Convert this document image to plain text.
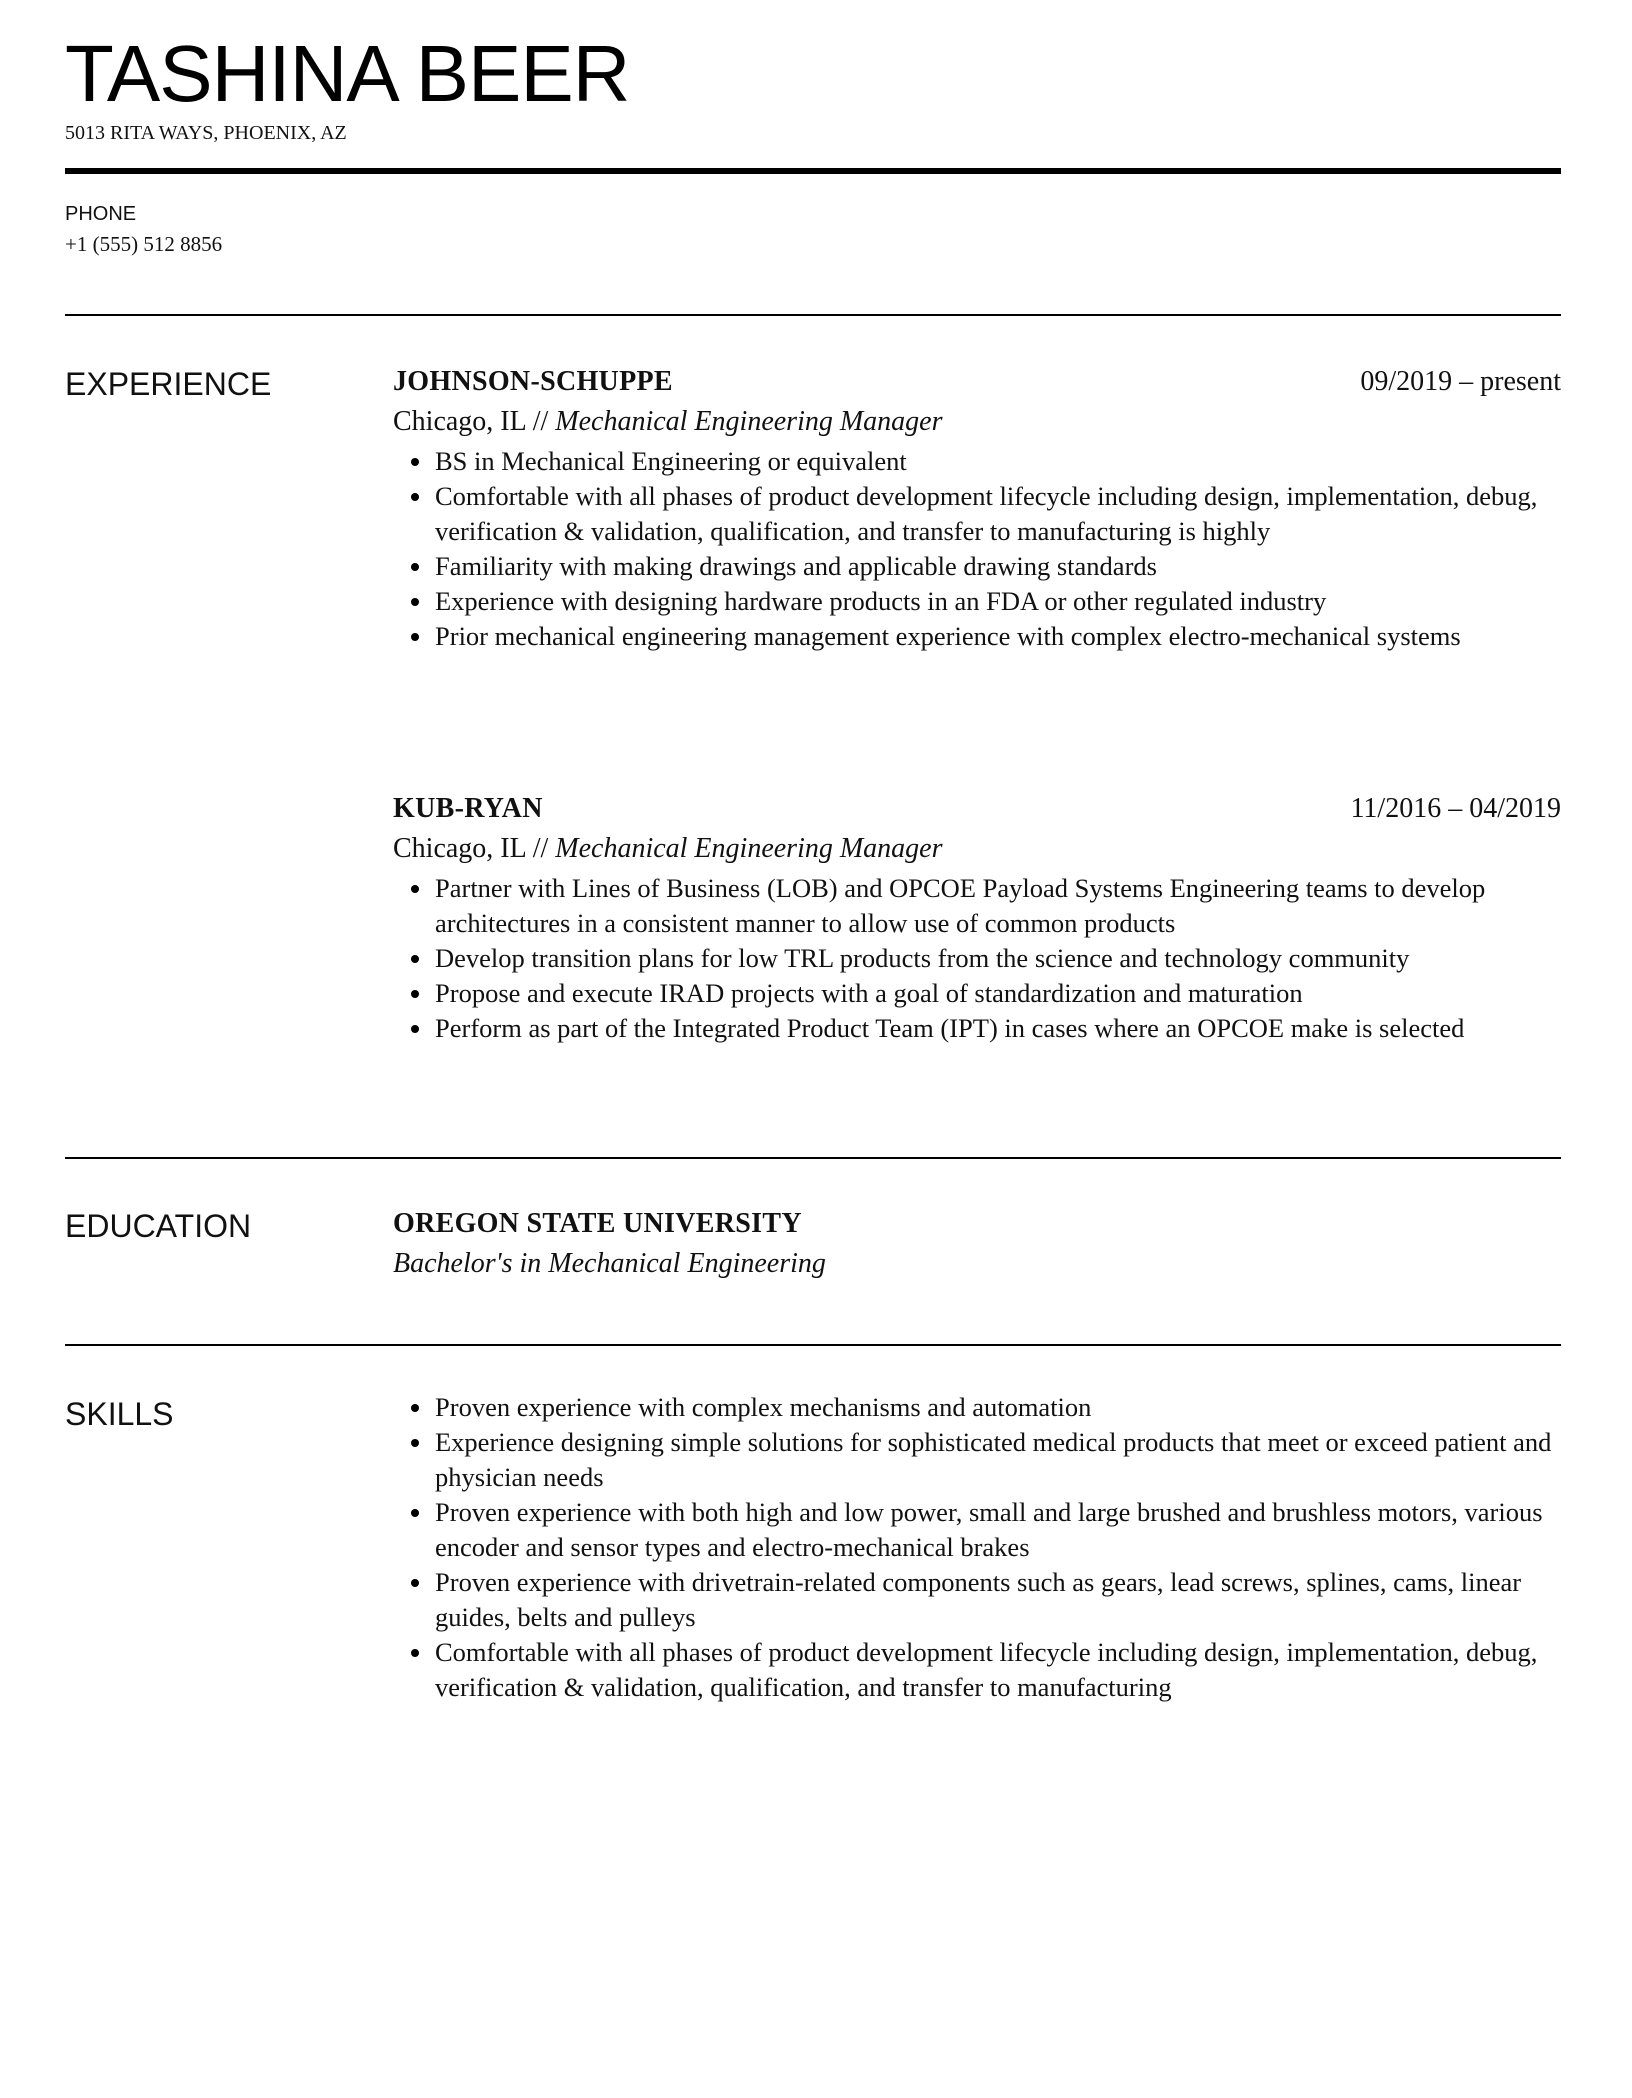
TASHINA BEER
5013 RITA WAYS, PHOENIX, AZ
PHONE
+1 (555) 512 8856
EXPERIENCE	JOHNSON-SCHUPPE	09/2019 – present
Chicago, IL // Mechanical Engineering Manager
BS in Mechanical Engineering or equivalent
Comfortable with all phases of product development lifecycle including design, implementation, debug, verification & validation, qualification, and transfer to manufacturing is highly
Familiarity with making drawings and applicable drawing standards
Experience with designing hardware products in an FDA or other regulated industry
Prior mechanical engineering management experience with complex electro-mechanical systems
KUB-RYAN	11/2016 – 04/2019
Chicago, IL // Mechanical Engineering Manager
Partner with Lines of Business (LOB) and OPCOE Payload Systems Engineering teams to develop architectures in a consistent manner to allow use of common products
Develop transition plans for low TRL products from the science and technology community
Propose and execute IRAD projects with a goal of standardization and maturation
Perform as part of the Integrated Product Team (IPT) in cases where an OPCOE make is selected
EDUCATION	OREGON STATE UNIVERSITY
Bachelor's in Mechanical Engineering
SKILLS	Proven experience with complex mechanisms and automation
Experience designing simple solutions for sophisticated medical products that meet or exceed patient and physician needs
Proven experience with both high and low power, small and large brushed and brushless motors, various encoder and sensor types and electro-mechanical brakes
Proven experience with drivetrain-related components such as gears, lead screws, splines, cams, linear guides, belts and pulleys
Comfortable with all phases of product development lifecycle including design, implementation, debug, verification & validation, qualification, and transfer to manufacturing
